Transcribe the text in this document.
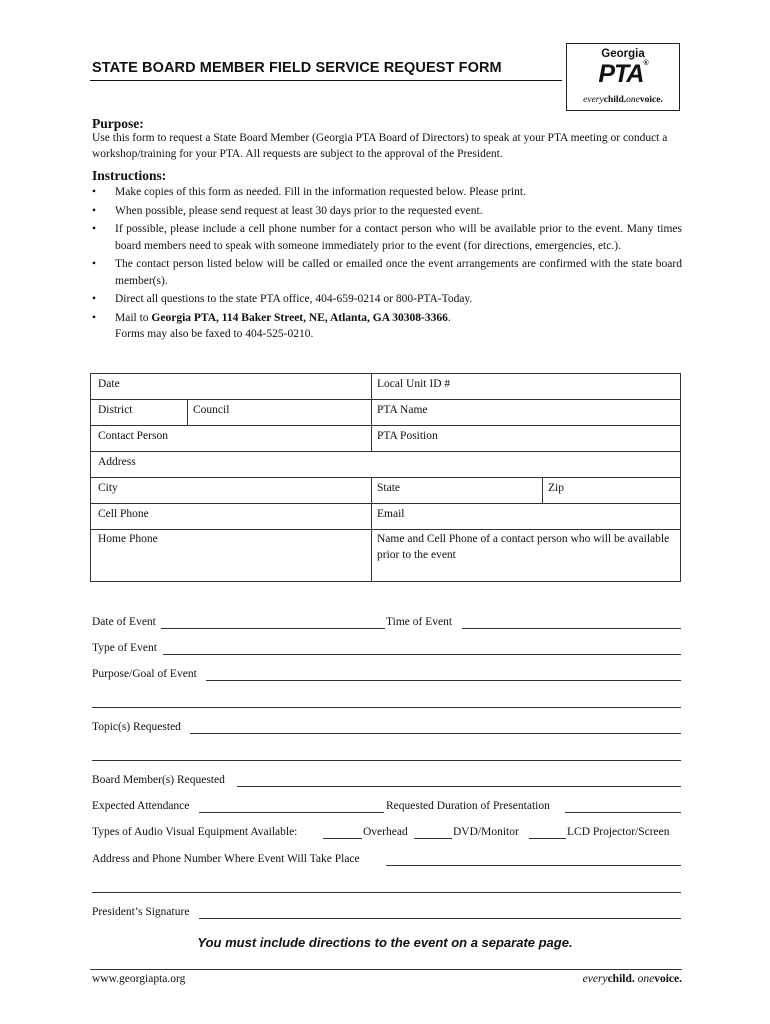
STATE BOARD MEMBER FIELD SERVICE REQUEST FORM
Georgia
PTA®
everychild.onevoice.
Purpose:
Use this form to request a State Board Member (Georgia PTA Board of Directors) to speak at your PTA meeting or conduct a workshop/training for your PTA. All requests are subject to the approval of the President.
Instructions:
• Make copies of this form as needed. Fill in the information requested below. Please print.
• When possible, please send request at least 30 days prior to the requested event.
• If possible, please include a cell phone number for a contact person who will be available prior to the event. Many times board members need to speak with someone immediately prior to the event (for directions, emergencies, etc.).
• The contact person listed below will be called or emailed once the event arrangements are confirmed with the state board member(s).
• Direct all questions to the state PTA office, 404-659-0214 or 800-PTA-Today.
• Mail to Georgia PTA, 114 Baker Street, NE, Atlanta, GA 30308-3366.
Forms may also be faxed to 404-525-0210.
Date	Local Unit ID #
District	Council	PTA Name
Contact Person	PTA Position
Address
City	State	Zip
Cell Phone	Email
Home Phone	Name and Cell Phone of a contact person who will be available prior to the event
Date of Event	Time of Event
Type of Event
Purpose/Goal of Event
Topic(s) Requested
Board Member(s) Requested
Expected Attendance	Requested Duration of Presentation
Types of Audio Visual Equipment Available:	Overhead	DVD/Monitor	LCD Projector/Screen
Address and Phone Number Where Event Will Take Place
President’s Signature
You must include directions to the event on a separate page.
www.georgiapta.org	everychild. onevoice.
